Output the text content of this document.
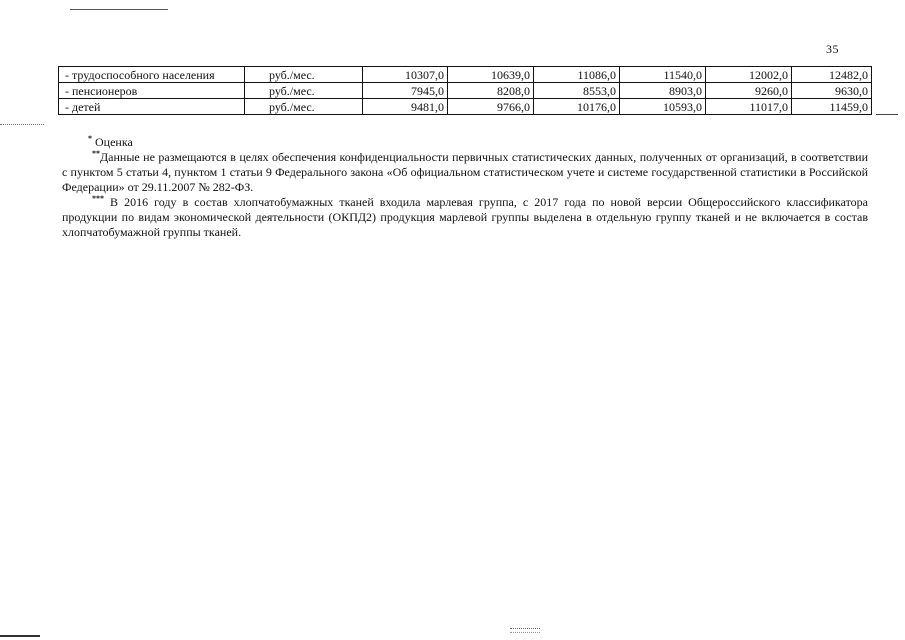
35
- трудоспособного населения	руб./мес.	10307,0	10639,0	11086,0	11540,0	12002,0	12482,0
- пенсионеров	руб./мес.	7945,0	8208,0	8553,0	8903,0	9260,0	9630,0
- детей	руб./мес.	9481,0	9766,0	10176,0	10593,0	11017,0	11459,0

* Оценка

**Данные не размещаются в целях обеспечения конфиденциальности первичных статистических данных, полученных от организаций, в соответствии с пунктом 5 статьи 4, пунктом 1 статьи 9 Федерального закона «Об официальном статистическом учете и системе государственной статистики в Российской Федерации» от 29.11.2007 № 282-ФЗ.

*** В 2016 году в состав хлопчатобумажных тканей входила марлевая группа, с 2017 года по новой версии Общероссийского классификатора продукции по видам экономической деятельности (ОКПД2) продукция марлевой группы выделена в отдельную группу тканей и не включается в состав хлопчатобумажной группы тканей.
